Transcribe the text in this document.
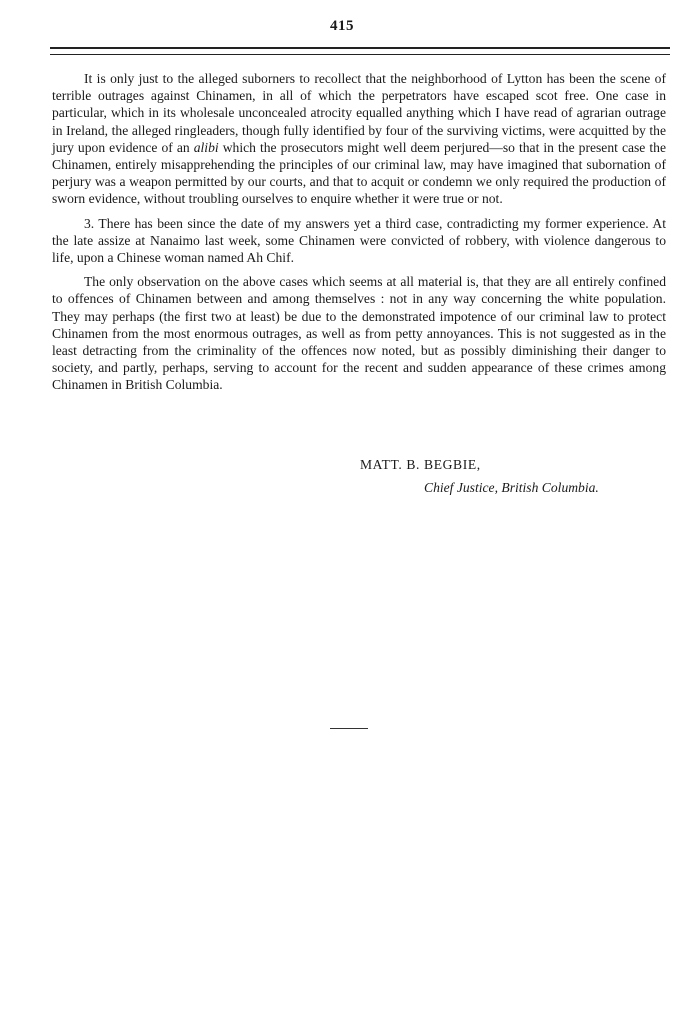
415

It is only just to the alleged suborners to recollect that the neighborhood of Lytton has been the scene of terrible outrages against Chinamen, in all of which the perpetrators have escaped scot free. One case in particular, which in its wholesale unconcealed atrocity equalled anything which I have read of agrarian outrage in Ireland, the alleged ringleaders, though fully identified by four of the surviving victims, were acquitted by the jury upon evidence of an alibi which the prosecutors might well deem perjured—so that in the present case the Chinamen, entirely misapprehending the principles of our criminal law, may have imagined that subornation of perjury was a weapon permitted by our courts, and that to acquit or condemn we only required the production of sworn evidence, without troubling ourselves to enquire whether it were true or not.

3. There has been since the date of my answers yet a third case, contradicting my former experience. At the late assize at Nanaimo last week, some Chinamen were convicted of robbery, with violence dangerous to life, upon a Chinese woman named Ah Chif.

The only observation on the above cases which seems at all material is, that they are all entirely confined to offences of Chinamen between and among themselves : not in any way concerning the white population. They may perhaps (the first two at least) be due to the demonstrated impotence of our criminal law to protect Chinamen from the most enormous outrages, as well as from petty annoyances. This is not suggested as in the least detracting from the criminality of the offences now noted, but as possibly diminishing their danger to society, and partly, perhaps, serving to account for the recent and sudden appearance of these crimes among Chinamen in British Columbia.

MATT. B. BEGBIE,
Chief Justice, British Columbia.
